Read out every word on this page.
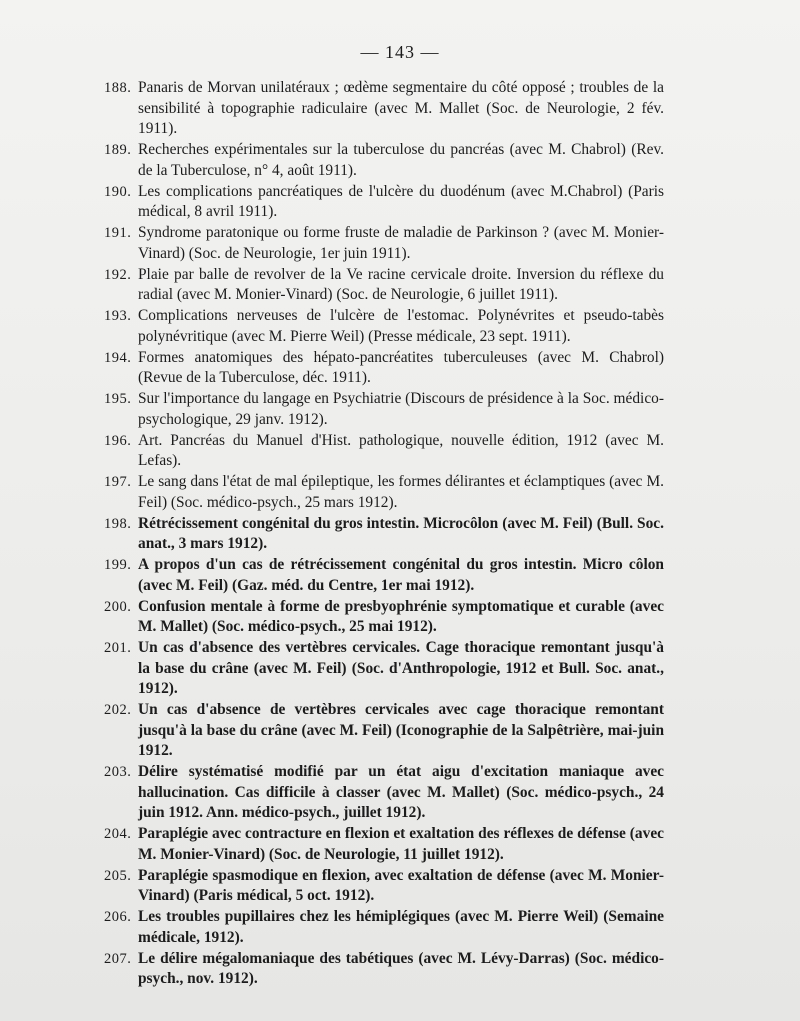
— 143 —
188. Panaris de Morvan unilatéraux ; œdème segmentaire du côté opposé ; troubles de la sensibilité à topographie radiculaire (avec M. Mallet (Soc. de Neurologie, 2 fév. 1911).
189. Recherches expérimentales sur la tuberculose du pancréas (avec M. Chabrol) (Rev. de la Tuberculose, n° 4, août 1911).
190. Les complications pancréatiques de l'ulcère du duodénum (avec M.Chabrol) (Paris médical, 8 avril 1911).
191. Syndrome paratonique ou forme fruste de maladie de Parkinson ? (avec M. Monier-Vinard) (Soc. de Neurologie, 1er juin 1911).
192. Plaie par balle de revolver de la Ve racine cervicale droite. Inversion du réflexe du radial (avec M. Monier-Vinard) (Soc. de Neurologie, 6 juillet 1911).
193. Complications nerveuses de l'ulcère de l'estomac. Polynévrites et pseudo-tabès polynévritique (avec M. Pierre Weil) (Presse médicale, 23 sept. 1911).
194. Formes anatomiques des hépato-pancréatites tuberculeuses (avec M. Chabrol) (Revue de la Tuberculose, déc. 1911).
195. Sur l'importance du langage en Psychiatrie (Discours de présidence à la Soc. médico-psychologique, 29 janv. 1912).
196. Art. Pancréas du Manuel d'Hist. pathologique, nouvelle édition, 1912 (avec M. Lefas).
197. Le sang dans l'état de mal épileptique, les formes délirantes et éclamptiques (avec M. Feil) (Soc. médico-psych., 25 mars 1912).
198. Rétrécissement congénital du gros intestin. Microcôlon (avec M. Feil) (Bull. Soc. anat., 3 mars 1912).
199. A propos d'un cas de rétrécissement congénital du gros intestin. Micro côlon (avec M. Feil) (Gaz. méd. du Centre, 1er mai 1912).
200. Confusion mentale à forme de presbyophrénie symptomatique et curable (avec M. Mallet) (Soc. médico-psych., 25 mai 1912).
201. Un cas d'absence des vertèbres cervicales. Cage thoracique remontant jusqu'à la base du crâne (avec M. Feil) (Soc. d'Anthropologie, 1912 et Bull. Soc. anat., 1912).
202. Un cas d'absence de vertèbres cervicales avec cage thoracique remontant jusqu'à la base du crâne (avec M. Feil) (Iconographie de la Salpêtrière, mai-juin 1912.
203. Délire systématisé modifié par un état aigu d'excitation maniaque avec hallucination. Cas difficile à classer (avec M. Mallet) (Soc. médico-psych., 24 juin 1912. Ann. médico-psych., juillet 1912).
204. Paraplégie avec contracture en flexion et exaltation des réflexes de défense (avec M. Monier-Vinard) (Soc. de Neurologie, 11 juillet 1912).
205. Paraplégie spasmodique en flexion, avec exaltation de défense (avec M. Monier-Vinard) (Paris médical, 5 oct. 1912).
206. Les troubles pupillaires chez les hémiplégiques (avec M. Pierre Weil) (Semaine médicale, 1912).
207. Le délire mégalomaniaque des tabétiques (avec M. Lévy-Darras) (Soc. médico-psych., nov. 1912).
